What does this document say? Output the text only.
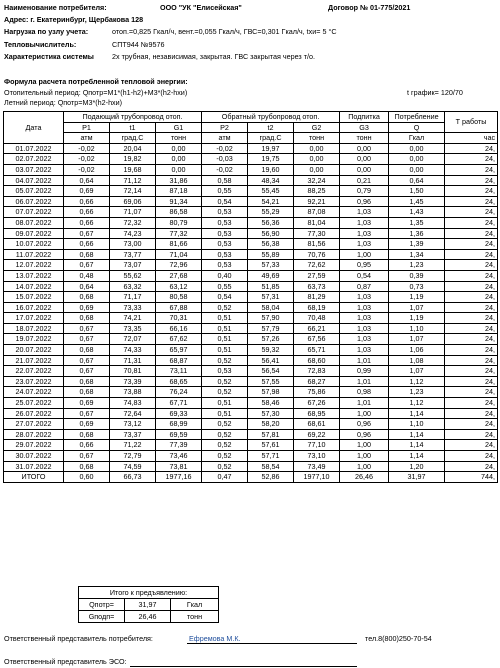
Наименование потребителя:	ООО "УК "Елисейская"	Договор № 01-775/2021
Адрес: г. Екатеринбург, Щербакова 128
Нагрузка по узлу учета:	отоп.=0,825 Гкал/ч, вент.=0,055 Гкал/ч, ГВС=0,301 Гкал/ч, txи= 5 °С
Тепловычислитель:	СПТ944 №9576
Характеристика системы	2х трубная, независимая, закрытая. ГВС закрытая через т/о.
Формула расчета потребленной тепловой энергии:
Отопительный период: Qпотр=M1*(h1-h2)+M3*(h2-hхи)	t график= 120/70
Летний период: Qпотр=M3*(h2-hхи)
Дата	Подающий трубопровод отоп.			Обратный трубопровод отоп.			Подпитка	Потребление	Т работы
	P1	t1	G1	P2	t2	G2	G3	Q	
	атм	град.С	тонн	атм	град.С	тонн	тонн	Гкал	час
01.07.2022	-0,02	20,04	0,00	-0,02	19,97	0,00	0,00	0,00	24,
02.07.2022	-0,02	19,82	0,00	-0,03	19,75	0,00	0,00	0,00	24,
03.07.2022	-0,02	19,68	0,00	-0,02	19,60	0,00	0,00	0,00	24,
04.07.2022	0,64	71,12	31,86	0,58	48,34	32,24	0,21	0,64	24,
05.07.2022	0,69	72,14	87,18	0,55	55,45	88,25	0,79	1,50	24,
06.07.2022	0,66	69,06	91,34	0,54	54,21	92,21	0,96	1,45	24,
07.07.2022	0,66	71,07	86,58	0,53	55,29	87,08	1,03	1,43	24,
08.07.2022	0,66	72,32	80,79	0,53	56,36	81,04	1,03	1,35	24,
09.07.2022	0,67	74,23	77,32	0,53	56,90	77,30	1,03	1,36	24,
10.07.2022	0,66	73,00	81,66	0,53	56,38	81,56	1,03	1,39	24,
11.07.2022	0,68	73,77	71,04	0,53	55,89	70,76	1,00	1,34	24,
12.07.2022	0,67	73,07	72,96	0,53	57,33	72,62	0,95	1,23	24,
13.07.2022	0,48	55,62	27,68	0,40	49,69	27,59	0,54	0,39	24,
14.07.2022	0,64	63,32	63,12	0,55	51,85	63,73	0,87	0,73	24,
15.07.2022	0,68	71,17	80,58	0,54	57,31	81,29	1,03	1,19	24,
16.07.2022	0,69	73,33	67,88	0,52	58,04	68,19	1,03	1,07	24,
17.07.2022	0,68	74,21	70,31	0,51	57,90	70,48	1,03	1,19	24,
18.07.2022	0,67	73,35	66,16	0,51	57,79	66,21	1,03	1,10	24,
19.07.2022	0,67	72,07	67,62	0,51	57,26	67,56	1,03	1,07	24,
20.07.2022	0,68	74,33	65,97	0,51	59,32	65,71	1,03	1,06	24,
21.07.2022	0,67	71,31	68,87	0,52	56,41	68,60	1,01	1,08	24,
22.07.2022	0,67	70,81	73,11	0,53	56,54	72,83	0,99	1,07	24,
23.07.2022	0,68	73,39	68,65	0,52	57,55	68,27	1,01	1,12	24,
24.07.2022	0,68	73,88	76,24	0,52	57,98	75,86	0,98	1,23	24,
25.07.2022	0,69	74,83	67,71	0,51	58,46	67,26	1,01	1,12	24,
26.07.2022	0,67	72,64	69,33	0,51	57,30	68,95	1,00	1,14	24,
27.07.2022	0,69	73,12	68,99	0,52	58,20	68,61	0,96	1,10	24,
28.07.2022	0,68	73,37	69,59	0,52	57,81	69,22	0,96	1,14	24,
29.07.2022	0,66	71,22	77,39	0,52	57,61	77,10	1,00	1,14	24,
30.07.2022	0,67	72,79	73,46	0,52	57,71	73,10	1,00	1,14	24,
31.07.2022	0,68	74,59	73,81	0,52	58,54	73,49	1,00	1,20	24,
ИТОГО	0,60	66,73	1977,16	0,47	52,86	1977,10	26,46	31,97	744,
Итого к предъявлению:		
Qпотр=	31,97	Гкал
Gподп=	26,46	тонн
Ответственный представитель потребителя:	Ефремова М.К.	тел.8(800)250-70-54
Ответственный представитель ЭСО:
